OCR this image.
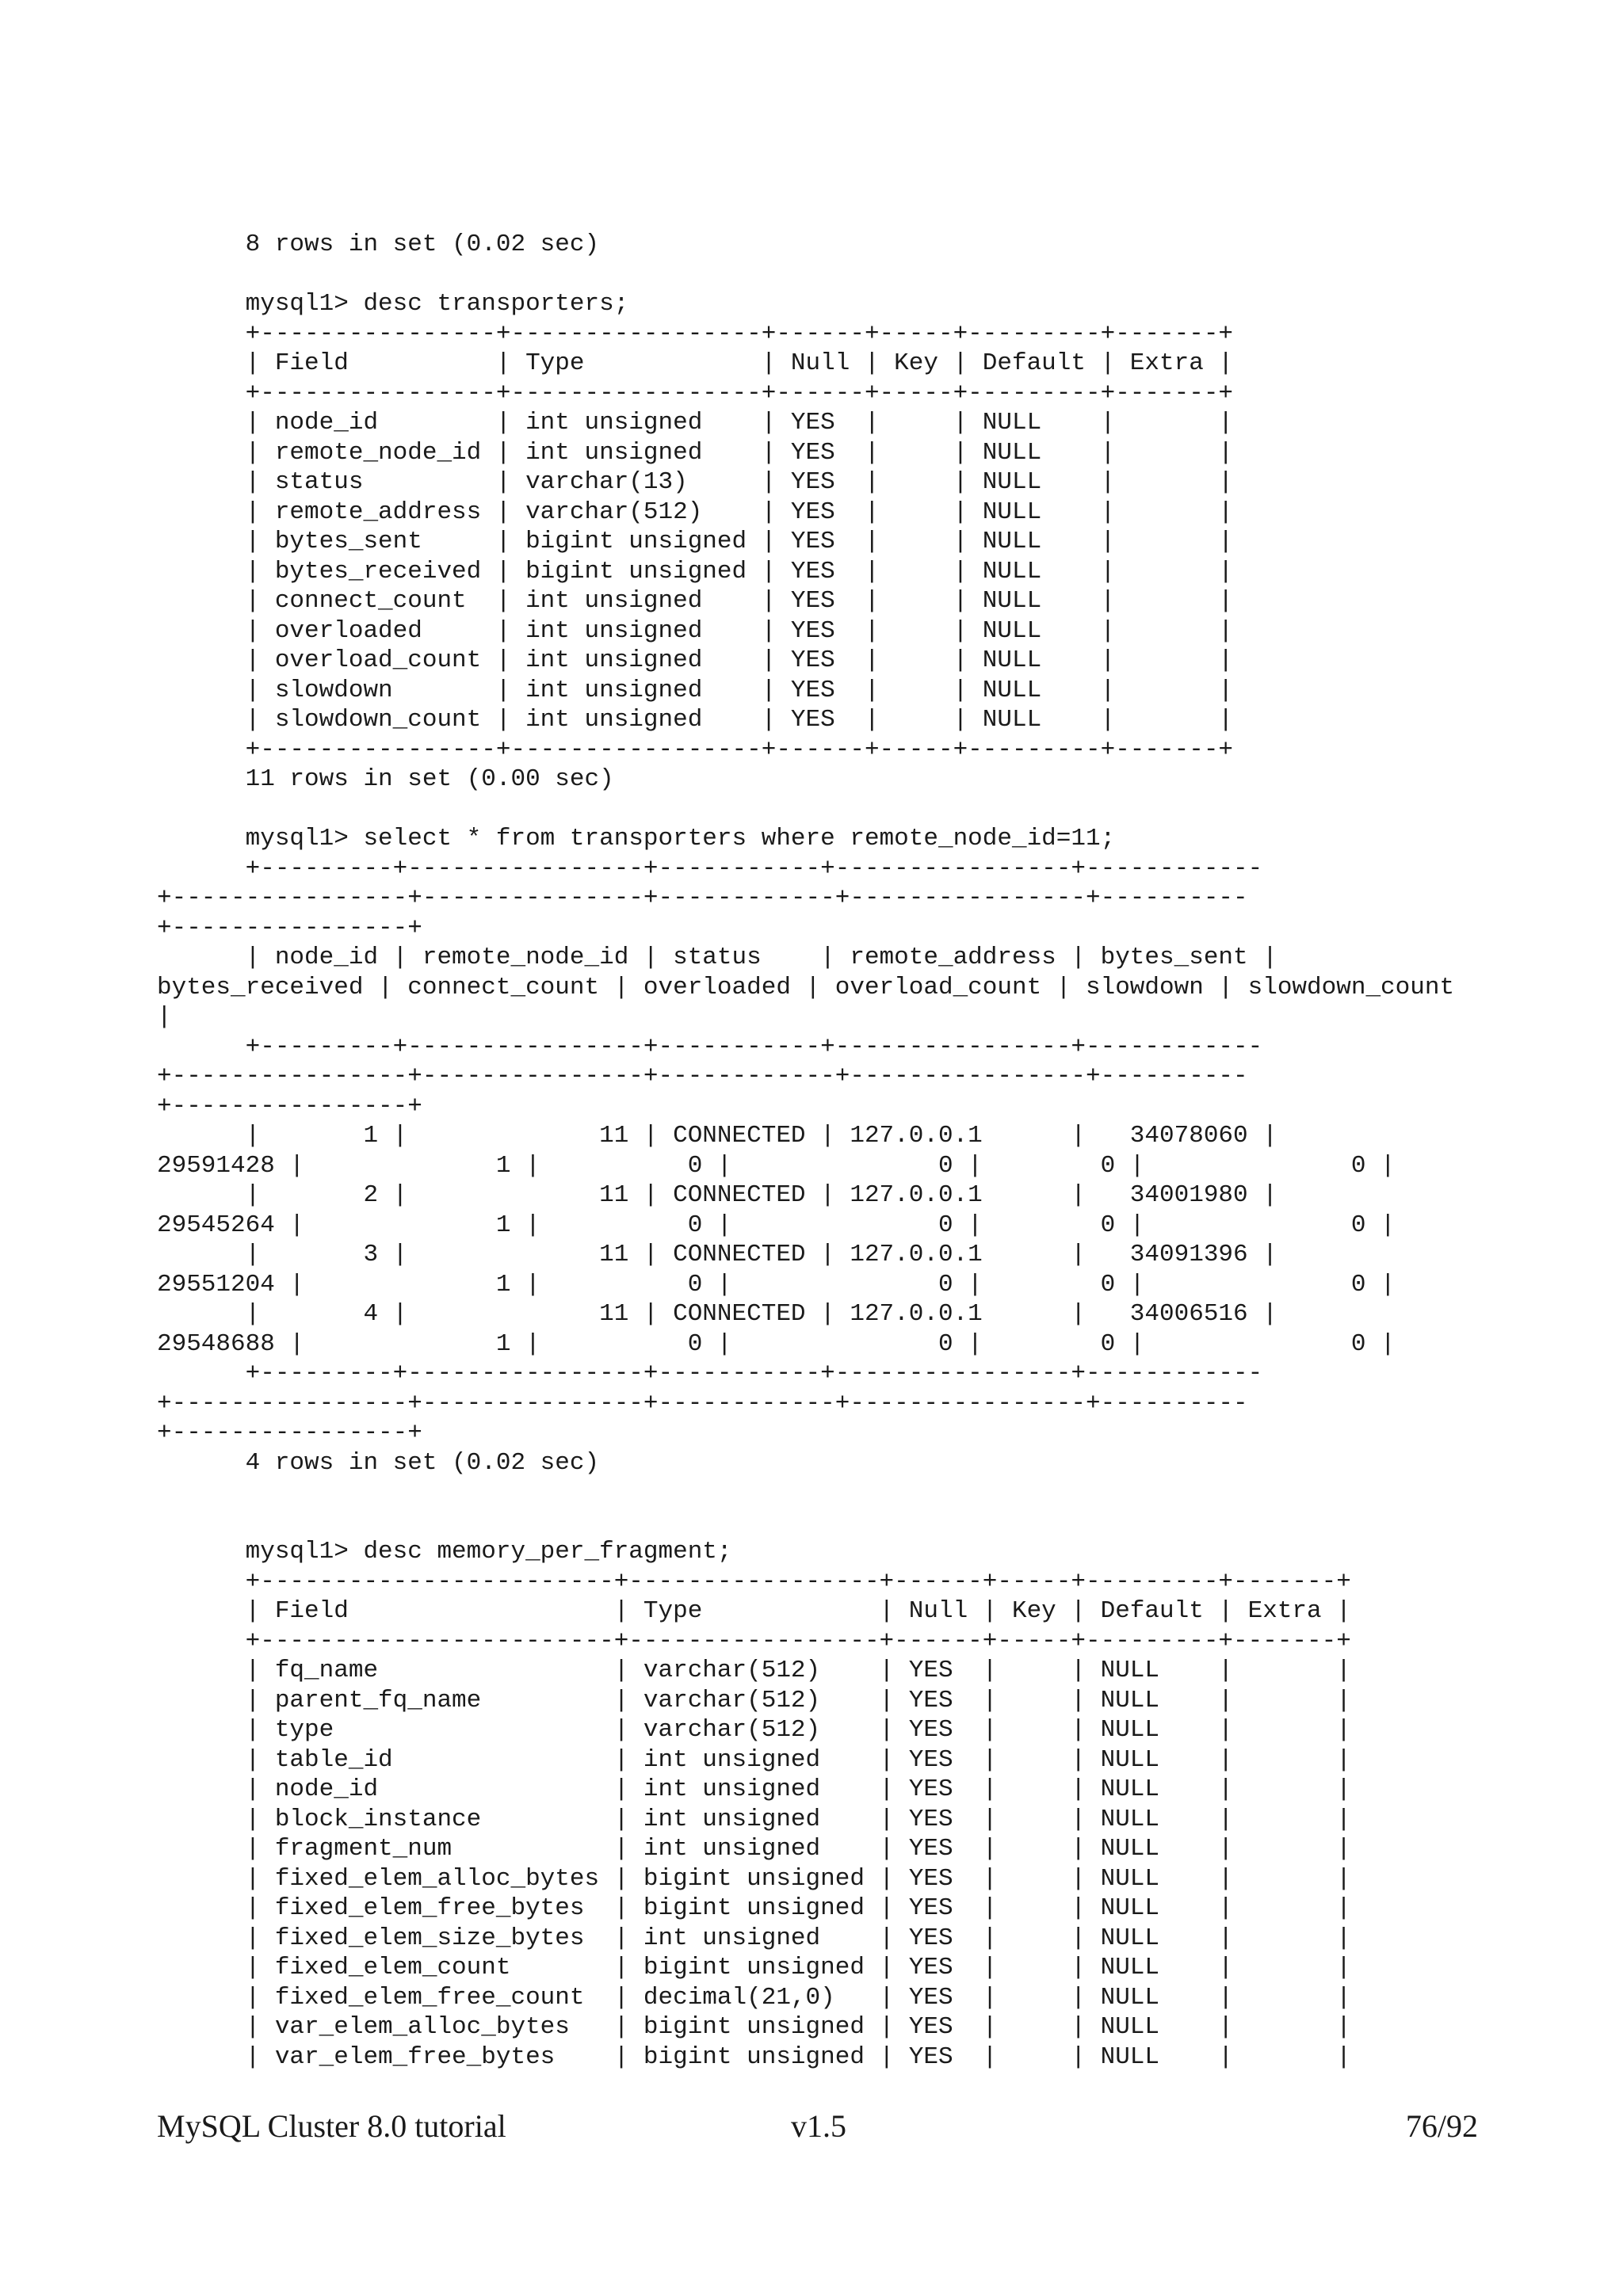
8 rows in set (0.02 sec)
mysql1> desc transporters;
+----------------+-----------------+------+-----+---------+-------+
| Field          | Type            | Null | Key | Default | Extra |
+----------------+-----------------+------+-----+---------+-------+
| node_id        | int unsigned    | YES  |     | NULL    |       |
| remote_node_id | int unsigned    | YES  |     | NULL    |       |
| status         | varchar(13)     | YES  |     | NULL    |       |
| remote_address | varchar(512)    | YES  |     | NULL    |       |
| bytes_sent     | bigint unsigned | YES  |     | NULL    |       |
| bytes_received | bigint unsigned | YES  |     | NULL    |       |
| connect_count  | int unsigned    | YES  |     | NULL    |       |
| overloaded     | int unsigned    | YES  |     | NULL    |       |
| overload_count | int unsigned    | YES  |     | NULL    |       |
| slowdown       | int unsigned    | YES  |     | NULL    |       |
| slowdown_count | int unsigned    | YES  |     | NULL    |       |
+----------------+-----------------+------+-----+---------+-------+
11 rows in set (0.00 sec)
mysql1> select * from transporters where remote_node_id=11;
+---------+----------------+-----------+----------------+------------
+----------------+---------------+------------+----------------+----------
+----------------+
| node_id | remote_node_id | status    | remote_address | bytes_sent |
bytes_received | connect_count | overloaded | overload_count | slowdown | slowdown_count
|
+---------+----------------+-----------+----------------+------------
+----------------+---------------+------------+----------------+----------
+----------------+
|       1 |             11 | CONNECTED | 127.0.0.1      |   34078060 |
29591428 |             1 |          0 |              0 |        0 |              0 |
|       2 |             11 | CONNECTED | 127.0.0.1      |   34001980 |
29545264 |             1 |          0 |              0 |        0 |              0 |
|       3 |             11 | CONNECTED | 127.0.0.1      |   34091396 |
29551204 |             1 |          0 |              0 |        0 |              0 |
|       4 |             11 | CONNECTED | 127.0.0.1      |   34006516 |
29548688 |             1 |          0 |              0 |        0 |              0 |
+---------+----------------+-----------+----------------+------------
+----------------+---------------+------------+----------------+----------
+----------------+
4 rows in set (0.02 sec)
mysql1> desc memory_per_fragment;
+------------------------+-----------------+------+-----+---------+-------+
| Field                  | Type            | Null | Key | Default | Extra |
+------------------------+-----------------+------+-----+---------+-------+
| fq_name                | varchar(512)    | YES  |     | NULL    |       |
| parent_fq_name         | varchar(512)    | YES  |     | NULL    |       |
| type                   | varchar(512)    | YES  |     | NULL    |       |
| table_id               | int unsigned    | YES  |     | NULL    |       |
| node_id                | int unsigned    | YES  |     | NULL    |       |
| block_instance         | int unsigned    | YES  |     | NULL    |       |
| fragment_num           | int unsigned    | YES  |     | NULL    |       |
| fixed_elem_alloc_bytes | bigint unsigned | YES  |     | NULL    |       |
| fixed_elem_free_bytes  | bigint unsigned | YES  |     | NULL    |       |
| fixed_elem_size_bytes  | int unsigned    | YES  |     | NULL    |       |
| fixed_elem_count       | bigint unsigned | YES  |     | NULL    |       |
| fixed_elem_free_count  | decimal(21,0)   | YES  |     | NULL    |       |
| var_elem_alloc_bytes   | bigint unsigned | YES  |     | NULL    |       |
| var_elem_free_bytes    | bigint unsigned | YES  |     | NULL    |       |
MySQL Cluster 8.0 tutorial	v1.5	76/92
